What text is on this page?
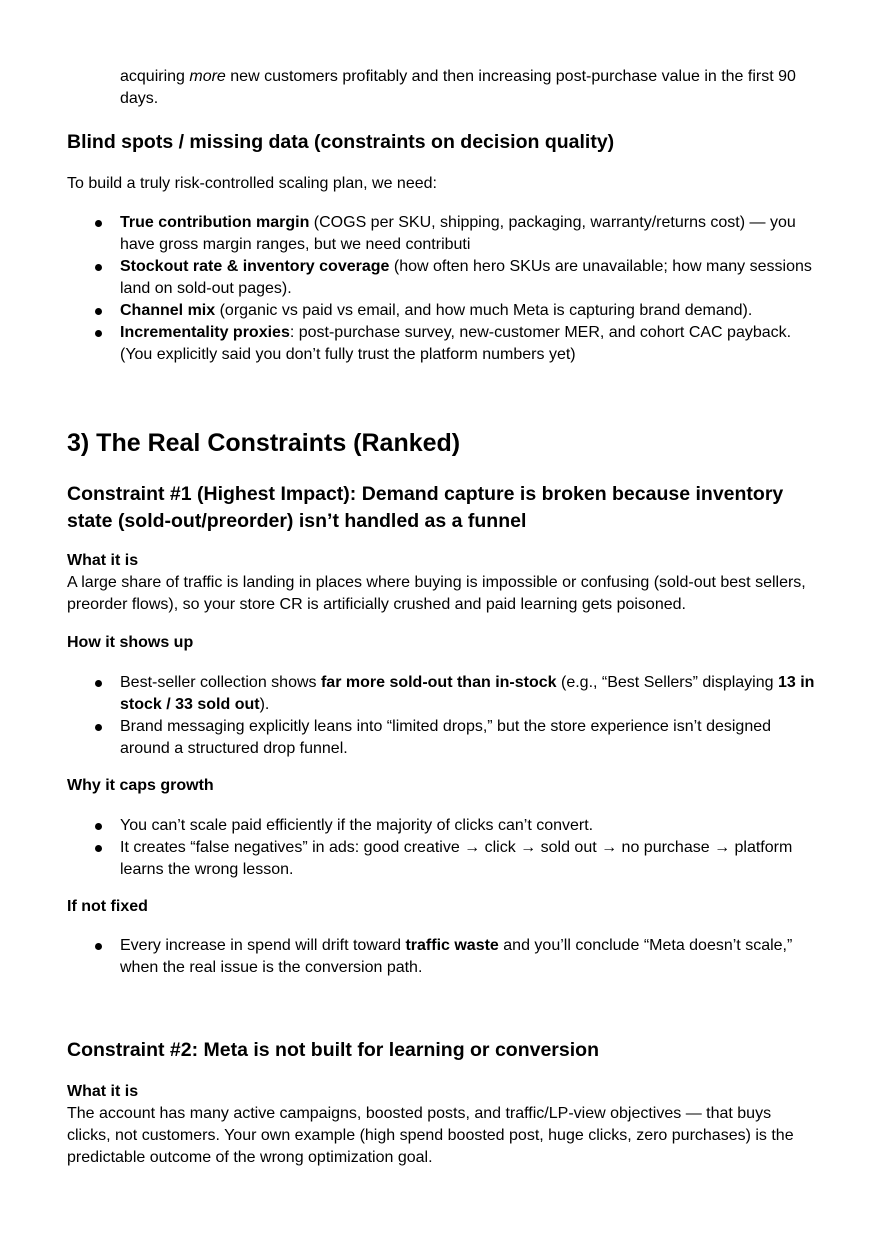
acquiring more new customers profitably and then increasing post-purchase value in the first 90 days.
Blind spots / missing data (constraints on decision quality)
To build a truly risk-controlled scaling plan, we need:
True contribution margin (COGS per SKU, shipping, packaging, warranty/returns cost) — you have gross margin ranges, but we need contributi
Stockout rate & inventory coverage (how often hero SKUs are unavailable; how many sessions land on sold-out pages).
Channel mix (organic vs paid vs email, and how much Meta is capturing brand demand).
Incrementality proxies: post-purchase survey, new-customer MER, and cohort CAC payback. (You explicitly said you don’t fully trust the platform numbers yet)
3) The Real Constraints (Ranked)
Constraint #1 (Highest Impact): Demand capture is broken because inventory state (sold-out/preorder) isn’t handled as a funnel
What it is
A large share of traffic is landing in places where buying is impossible or confusing (sold-out best sellers, preorder flows), so your store CR is artificially crushed and paid learning gets poisoned.
How it shows up
Best-seller collection shows far more sold-out than in-stock (e.g., “Best Sellers” displaying 13 in stock / 33 sold out).
Brand messaging explicitly leans into “limited drops,” but the store experience isn’t designed around a structured drop funnel.
Why it caps growth
You can’t scale paid efficiently if the majority of clicks can’t convert.
It creates “false negatives” in ads: good creative → click → sold out → no purchase → platform learns the wrong lesson.
If not fixed
Every increase in spend will drift toward traffic waste and you’ll conclude “Meta doesn’t scale,” when the real issue is the conversion path.
Constraint #2: Meta is not built for learning or conversion
What it is
The account has many active campaigns, boosted posts, and traffic/LP-view objectives — that buys clicks, not customers. Your own example (high spend boosted post, huge clicks, zero purchases) is the predictable outcome of the wrong optimization goal.
